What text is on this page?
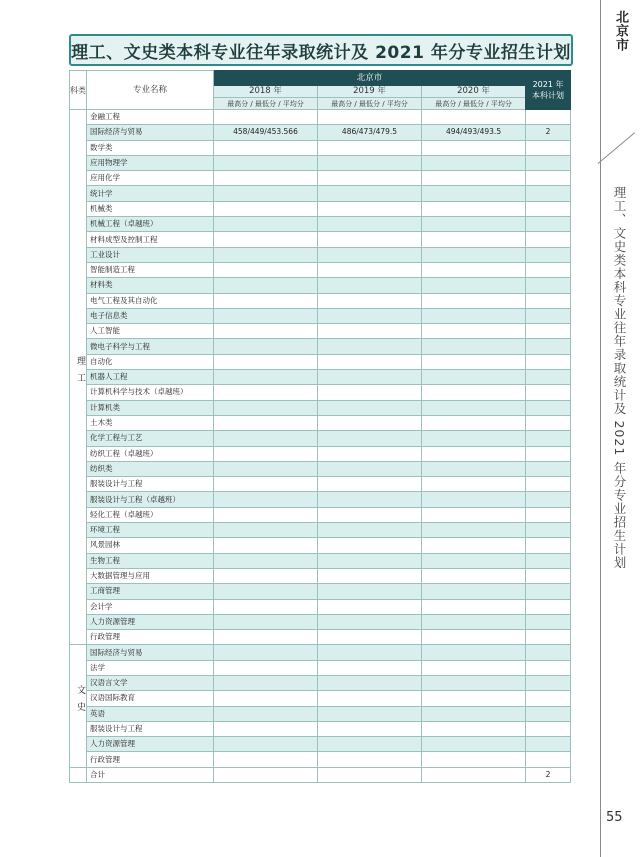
理工、文史类本科专业往年录取统计及 2021 年分专业招生计划
北京市
理工、文史类本科专业往年录取统计及 2021 年分专业招生计划
55
科类	专业名称	北京市			2021 年本科计划
		2018 年	2019 年	2020 年	
		最高分 / 最低分 / 平均分	最高分 / 最低分 / 平均分	最高分 / 最低分 / 平均分	
理工	金融工程				
	国际经济与贸易	458/449/453.566	486/473/479.5	494/493/493.5	2
	数学类				
	应用物理学				
	应用化学				
	统计学				
	机械类				
	机械工程（卓越班）				
	材料成型及控制工程				
	工业设计				
	智能制造工程				
	材料类				
	电气工程及其自动化				
	电子信息类				
	人工智能				
	微电子科学与工程				
	自动化				
	机器人工程				
	计算机科学与技术（卓越班）				
	计算机类				
	土木类				
	化学工程与工艺				
	纺织工程（卓越班）				
	纺织类				
	服装设计与工程				
	服装设计与工程（卓越班）				
	轻化工程（卓越班）				
	环境工程				
	风景园林				
	生物工程				
	大数据管理与应用				
	工商管理				
	会计学				
	人力资源管理				
	行政管理				
文史	国际经济与贸易				
	法学				
	汉语言文学				
	汉语国际教育				
	英语				
	服装设计与工程				
	人力资源管理				
	行政管理				
	合计				2
